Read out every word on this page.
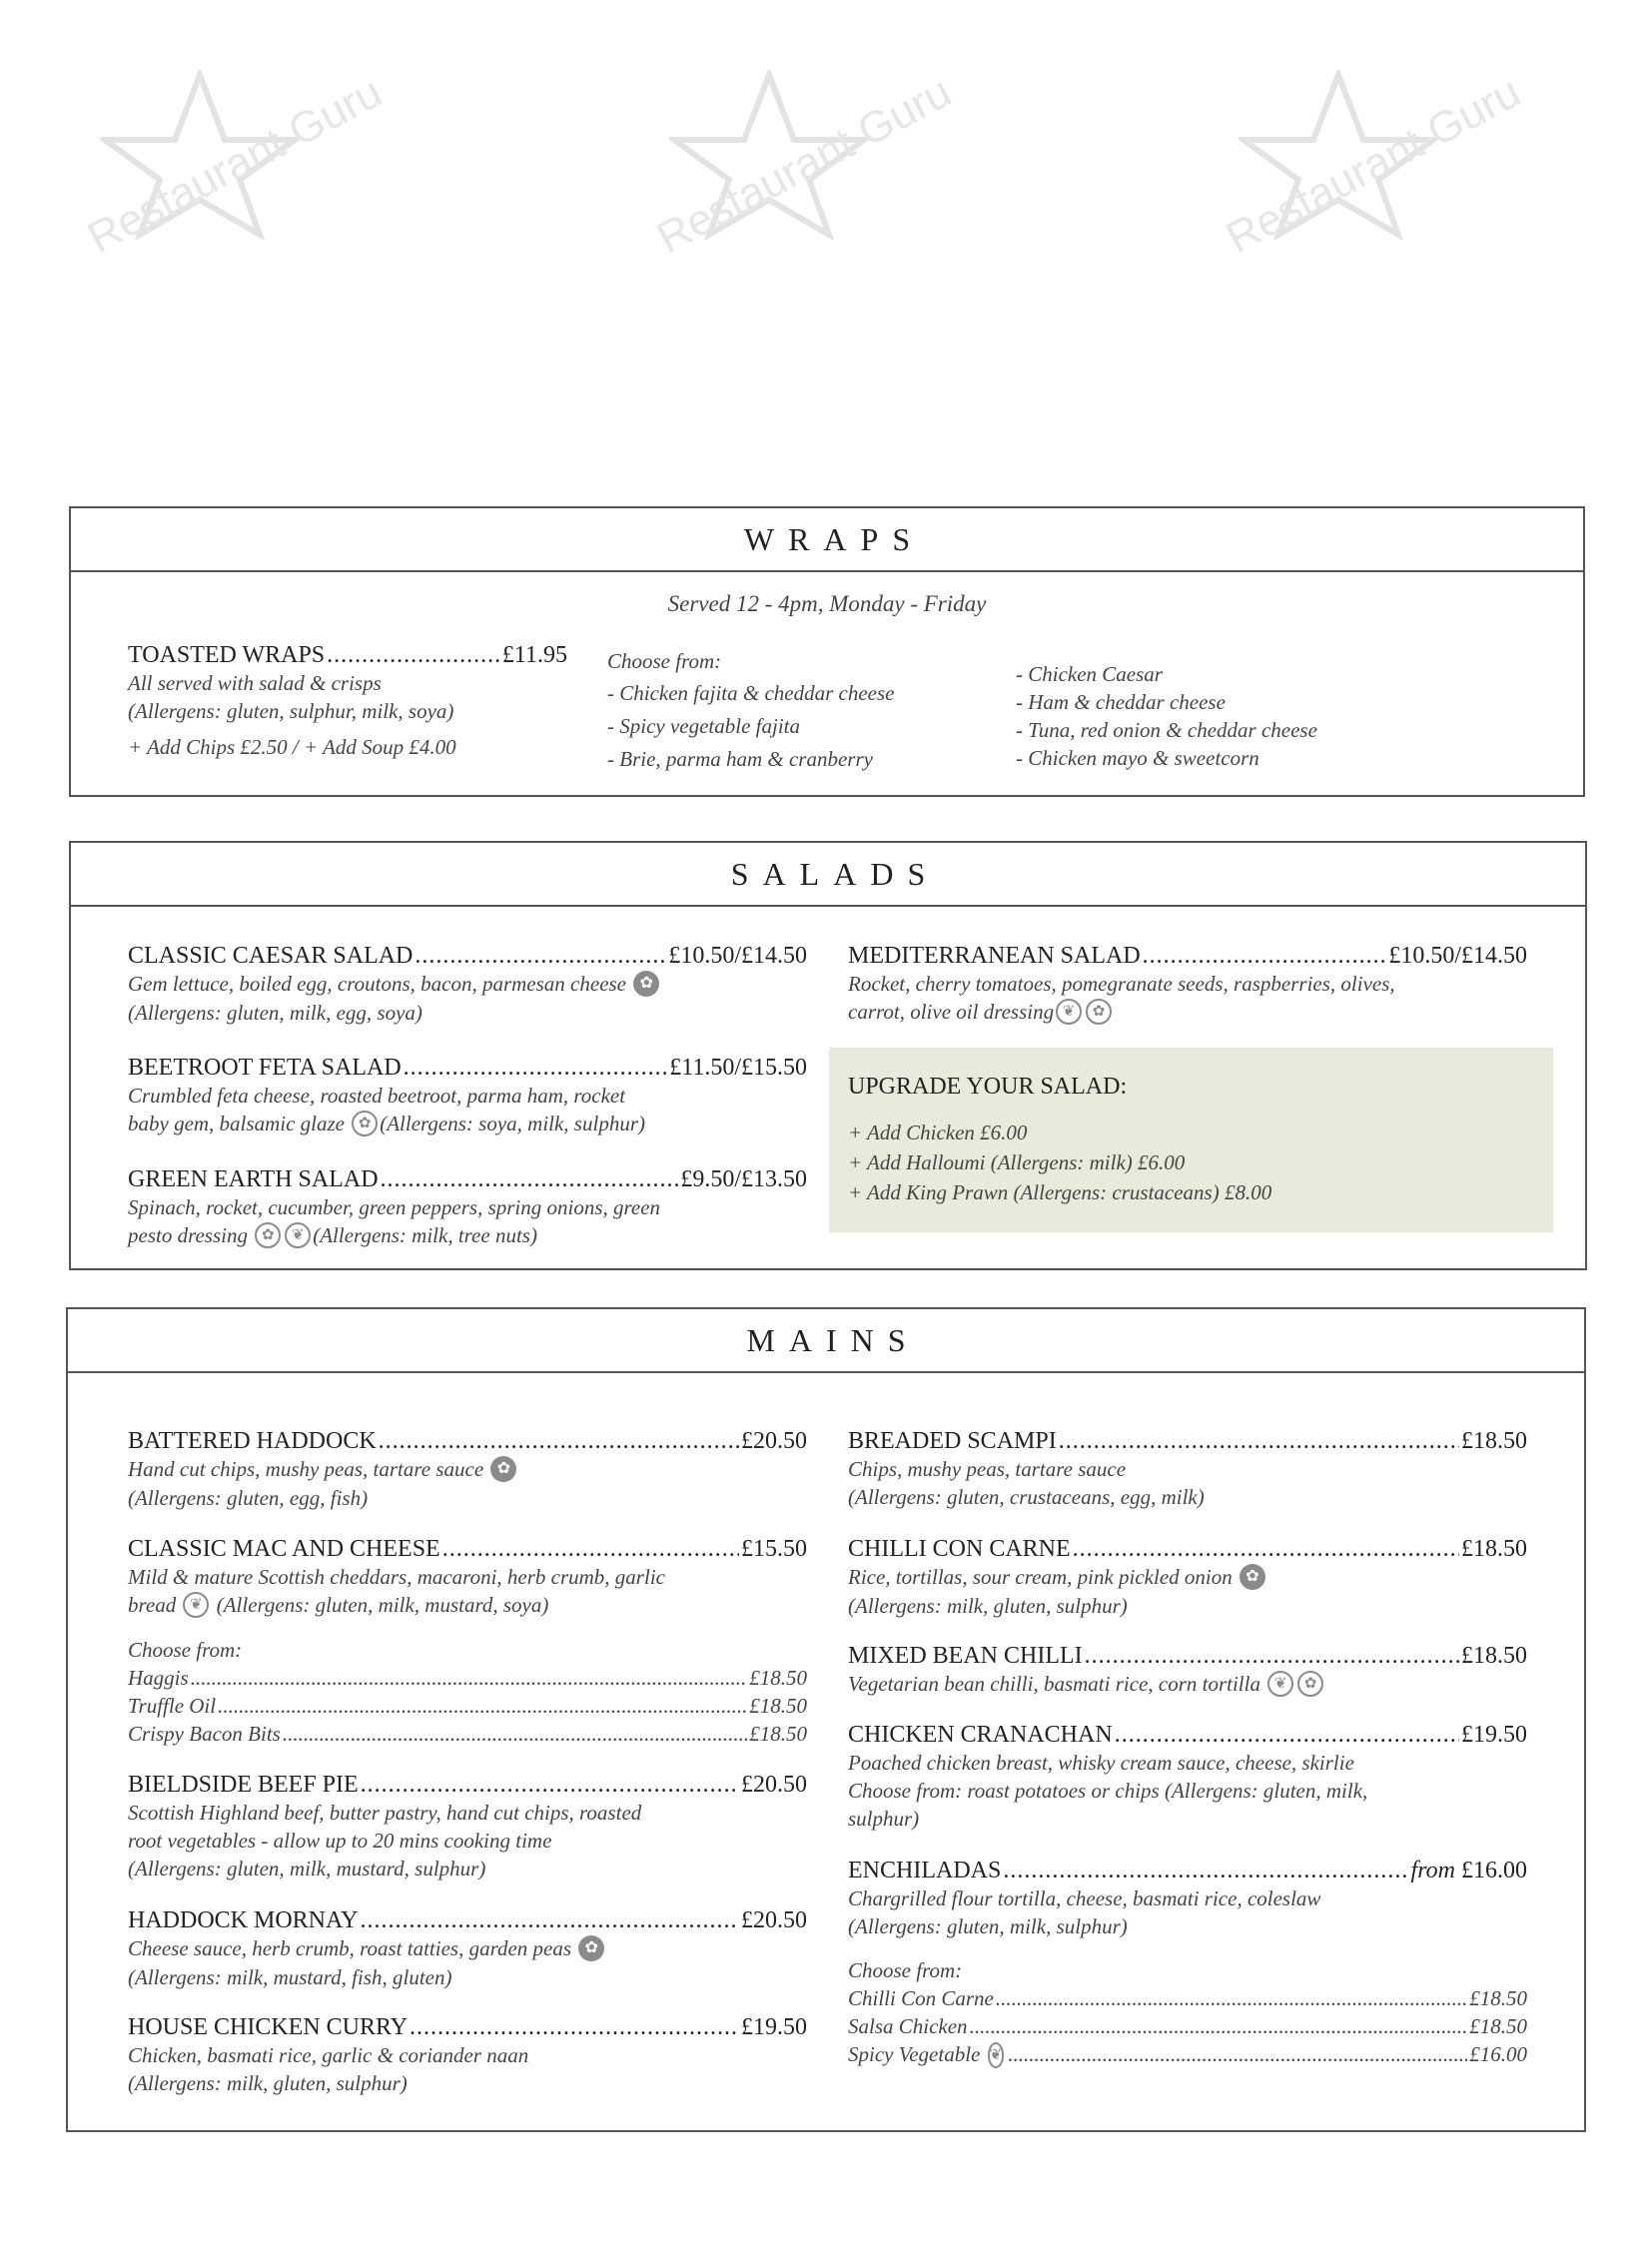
Restaurant Guru	Restaurant Guru	Restaurant Guru
WRAPS
Served 12 - 4pm, Monday - Friday
TOASTED WRAPS .....	£11.95
All served with salad & crisps
(Allergens: gluten, sulphur, milk, soya)
+ Add Chips £2.50 / + Add Soup £4.00
Choose from:
- Chicken fajita & cheddar cheese
- Spicy vegetable fajita
- Brie, parma ham & cranberry
- Chicken Caesar
- Ham & cheddar cheese
- Tuna, red onion & cheddar cheese
- Chicken mayo & sweetcorn
SALADS
CLASSIC CAESAR SALAD .....	£10.50/£14.50
Gem lettuce, boiled egg, croutons, bacon, parmesan cheese ✿
(Allergens: gluten, milk, egg, soya)
BEETROOT FETA SALAD .....	£11.50/£15.50
Crumbled feta cheese, roasted beetroot, parma ham, rocket
baby gem, balsamic glaze ✿ (Allergens: soya, milk, sulphur)
GREEN EARTH SALAD .....	£9.50/£13.50
Spinach, rocket, cucumber, green peppers, spring onions, green
pesto dressing ✿ ❦ (Allergens: milk, tree nuts)
MEDITERRANEAN SALAD .....	£10.50/£14.50
Rocket, cherry tomatoes, pomegranate seeds, raspberries, olives,
carrot, olive oil dressing ❦ ✿
UPGRADE YOUR SALAD:
+ Add Chicken £6.00
+ Add Halloumi (Allergens: milk) £6.00
+ Add King Prawn (Allergens: crustaceans) £8.00
MAINS
BATTERED HADDOCK .....	£20.50
Hand cut chips, mushy peas, tartare sauce ✿
(Allergens: gluten, egg, fish)
CLASSIC MAC AND CHEESE .....	£15.50
Mild & mature Scottish cheddars, macaroni, herb crumb, garlic
bread ❦ (Allergens: gluten, milk, mustard, soya)
Choose from:
Haggis .....	£18.50
Truffle Oil .....	£18.50
Crispy Bacon Bits .....	£18.50
BIELDSIDE BEEF PIE .....	£20.50
Scottish Highland beef, butter pastry, hand cut chips, roasted
root vegetables - allow up to 20 mins cooking time
(Allergens: gluten, milk, mustard, sulphur)
HADDOCK MORNAY .....	£20.50
Cheese sauce, herb crumb, roast tatties, garden peas ✿
(Allergens: milk, mustard, fish, gluten)
HOUSE CHICKEN CURRY .....	£19.50
Chicken, basmati rice, garlic & coriander naan
(Allergens: milk, gluten, sulphur)
BREADED SCAMPI .....	£18.50
Chips, mushy peas, tartare sauce
(Allergens: gluten, crustaceans, egg, milk)
CHILLI CON CARNE .....	£18.50
Rice, tortillas, sour cream, pink pickled onion ✿
(Allergens: milk, gluten, sulphur)
MIXED BEAN CHILLI .....	£18.50
Vegetarian bean chilli, basmati rice, corn tortilla ❦ ✿
CHICKEN CRANACHAN .....	£19.50
Poached chicken breast, whisky cream sauce, cheese, skirlie
Choose from: roast potatoes or chips (Allergens: gluten, milk,
sulphur)
ENCHILADAS .....	from £16.00
Chargrilled flour tortilla, cheese, basmati rice, coleslaw
(Allergens: gluten, milk, sulphur)
Choose from:
Chilli Con Carne .....	£18.50
Salsa Chicken .....	£18.50
Spicy Vegetable
❦ .....	£16.00
